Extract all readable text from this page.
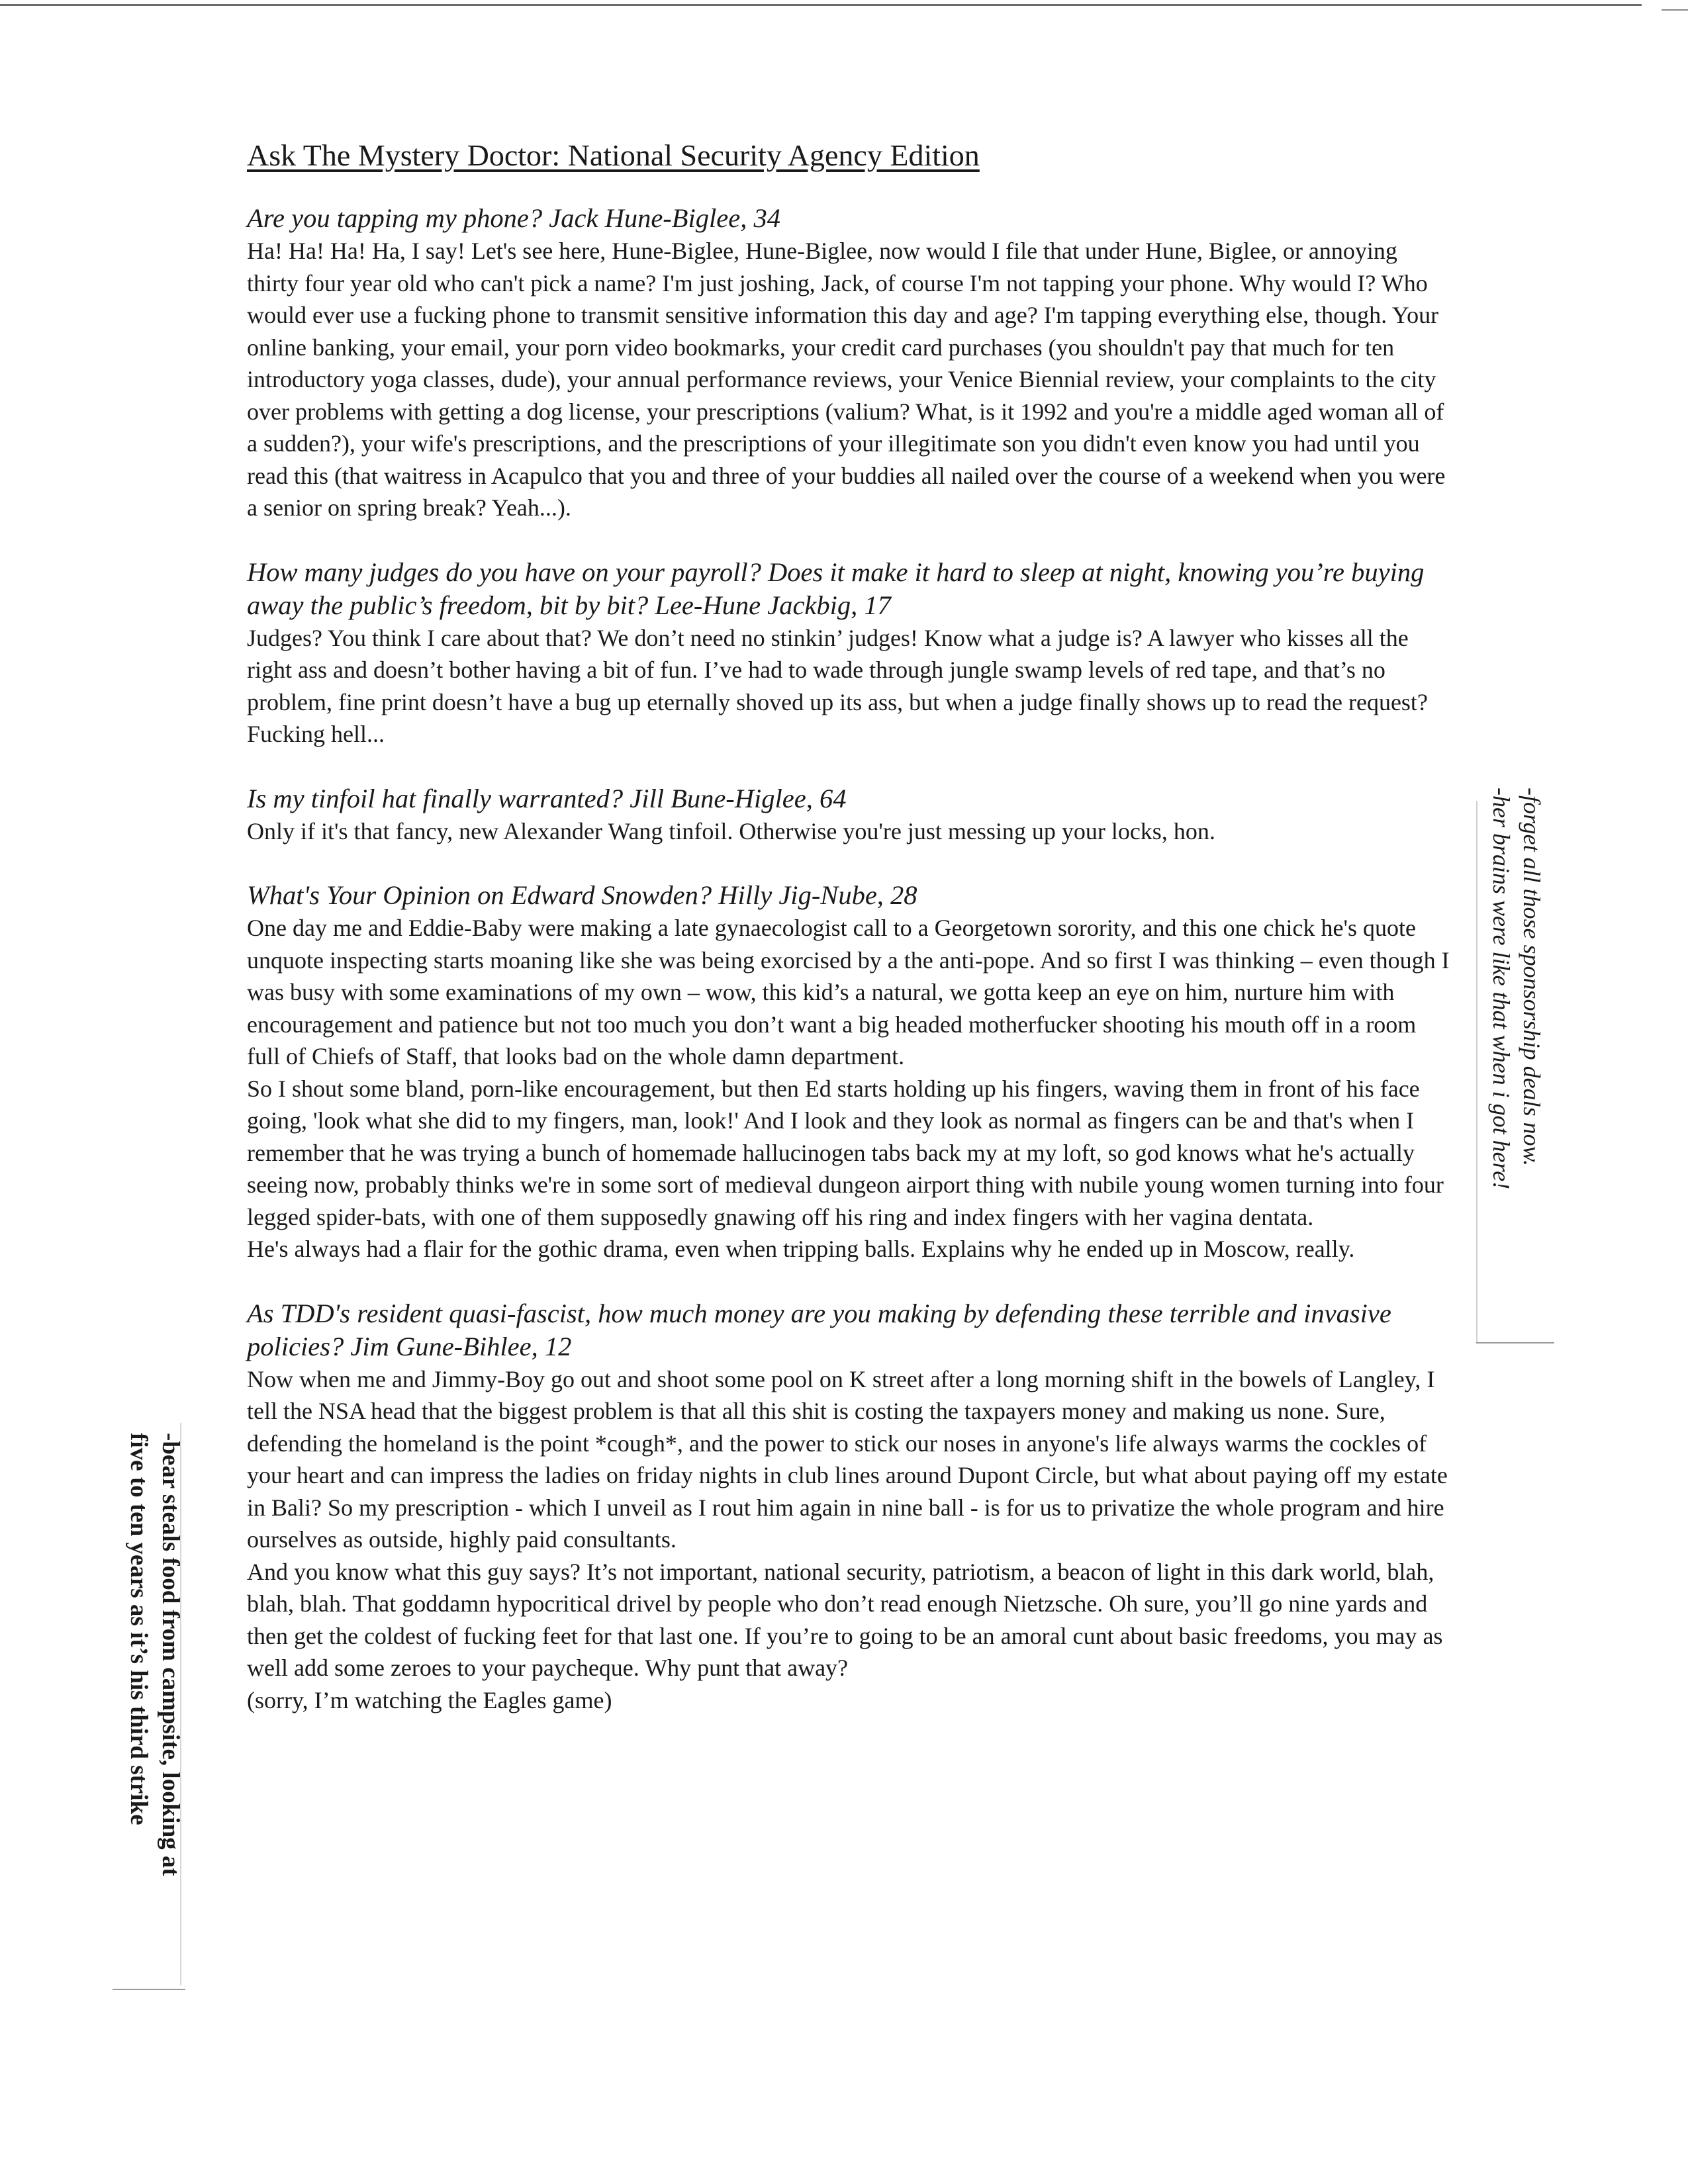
Ask The Mystery Doctor: National Security Agency Edition

Are you tapping my phone? Jack Hune-Biglee, 34

Ha! Ha! Ha! Ha, I say! Let's see here, Hune-Biglee, Hune-Biglee, now would I file that under Hune, Biglee, or annoying thirty four year old who can't pick a name? I'm just joshing, Jack, of course I'm not tapping your phone. Why would I? Who would ever use a fucking phone to transmit sensitive information this day and age? I'm tapping everything else, though. Your online banking, your email, your porn video bookmarks, your credit card purchases (you shouldn't pay that much for ten introductory yoga classes, dude), your annual performance reviews, your Venice Biennial review, your complaints to the city over problems with getting a dog license, your prescriptions (valium? What, is it 1992 and you're a middle aged woman all of a sudden?), your wife's prescriptions, and the prescriptions of your illegitimate son you didn't even know you had until you read this (that waitress in Acapulco that you and three of your buddies all nailed over the course of a weekend when you were a senior on spring break? Yeah...).

How many judges do you have on your payroll? Does it make it hard to sleep at night, knowing you’re buying away the public’s freedom, bit by bit? Lee-Hune Jackbig, 17

Judges? You think I care about that? We don’t need no stinkin’ judges! Know what a judge is? A lawyer who kisses all the right ass and doesn’t bother having a bit of fun. I’ve had to wade through jungle swamp levels of red tape, and that’s no problem, fine print doesn’t have a bug up eternally shoved up its ass, but when a judge finally shows up to read the request? Fucking hell...

Is my tinfoil hat finally warranted? Jill Bune-Higlee, 64

Only if it's that fancy, new Alexander Wang tinfoil. Otherwise you're just messing up your locks, hon.

What's Your Opinion on Edward Snowden? Hilly Jig-Nube, 28

One day me and Eddie-Baby were making a late gynaecologist call to a Georgetown sorority, and this one chick he's quote unquote inspecting starts moaning like she was being exorcised by a the anti-pope. And so first I was thinking – even though I was busy with some examinations of my own – wow, this kid’s a natural, we gotta keep an eye on him, nurture him with encouragement and patience but not too much you don’t want a big headed motherfucker shooting his mouth off in a room full of Chiefs of Staff, that looks bad on the whole damn department.

So I shout some bland, porn-like encouragement, but then Ed starts holding up his fingers, waving them in front of his face going, 'look what she did to my fingers, man, look!' And I look and they look as normal as fingers can be and that's when I remember that he was trying a bunch of homemade hallucinogen tabs back my at my loft, so god knows what he's actually seeing now, probably thinks we're in some sort of medieval dungeon airport thing with nubile young women turning into four legged spider-bats, with one of them supposedly gnawing off his ring and index fingers with her vagina dentata.

He's always had a flair for the gothic drama, even when tripping balls. Explains why he ended up in Moscow, really.

As TDD's resident quasi-fascist, how much money are you making by defending these terrible and invasive policies? Jim Gune-Bihlee, 12

Now when me and Jimmy-Boy go out and shoot some pool on K street after a long morning shift in the bowels of Langley, I tell the NSA head that the biggest problem is that all this shit is costing the taxpayers money and making us none. Sure, defending the homeland is the point *cough*, and the power to stick our noses in anyone's life always warms the cockles of your heart and can impress the ladies on friday nights in club lines around Dupont Circle, but what about paying off my estate in Bali? So my prescription - which I unveil as I rout him again in nine ball - is for us to privatize the whole program and hire ourselves as outside, highly paid consultants.

And you know what this guy says? It’s not important, national security, patriotism, a beacon of light in this dark world, blah, blah, blah. That goddamn hypocritical drivel by people who don’t read enough Nietzsche. Oh sure, you’ll go nine yards and then get the coldest of fucking feet for that last one. If you’re to going to be an amoral cunt about basic freedoms, you may as well add some zeroes to your paycheque. Why punt that away?

(sorry, I’m watching the Eagles game)

-forget all those sponsorship deals now.
-her brains were like that when i got here!
-bear steals food from campsite, looking at
five to ten years as it’s his third strike
